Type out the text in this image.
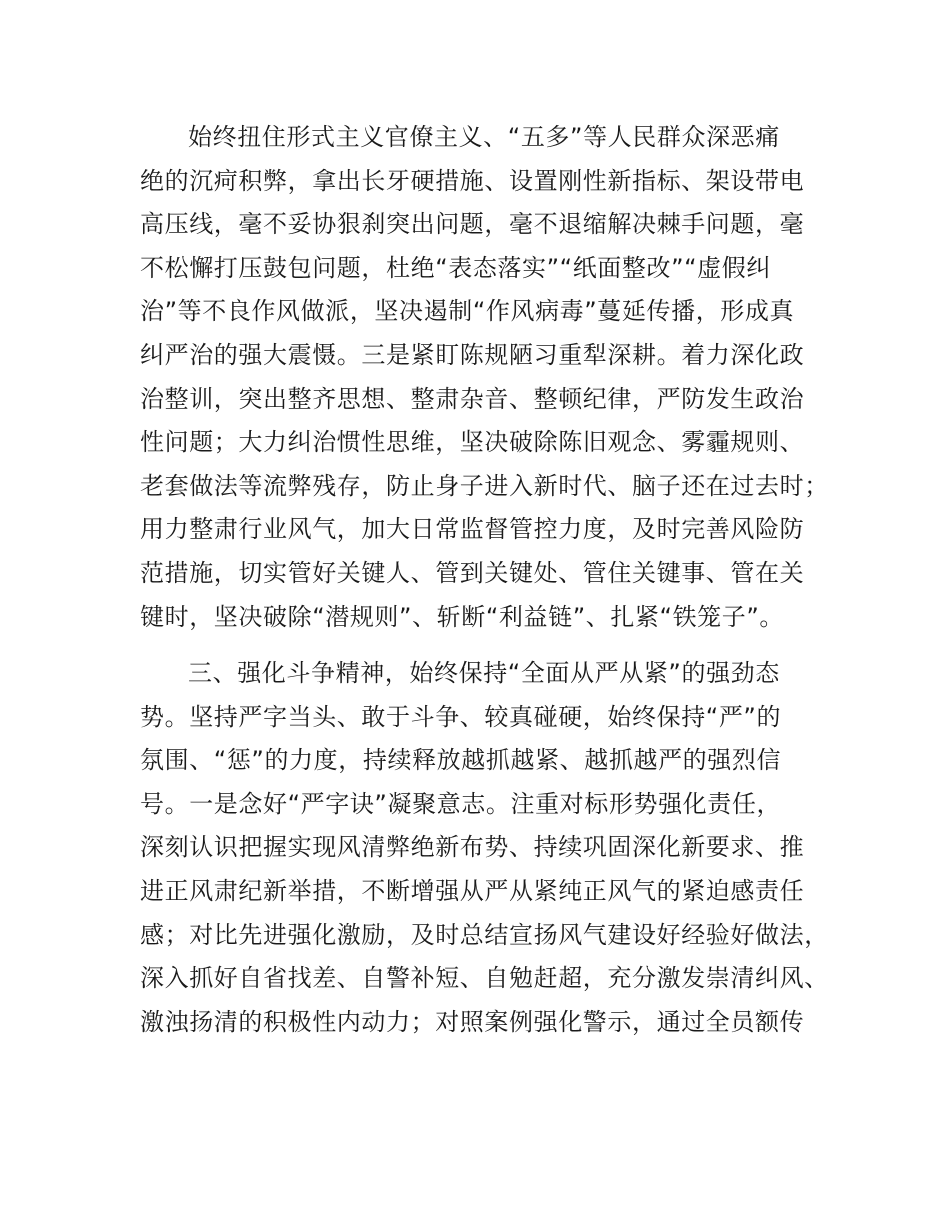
始终扭住形式主义官僚主义、“五多”等人民群众深恶痛
绝的沉疴积弊，拿出长牙硬措施、设置刚性新指标、架设带电
高压线，毫不妥协狠刹突出问题，毫不退缩解决棘手问题，毫
不松懈打压鼓包问题，杜绝“表态落实”“纸面整改”“虚假纠
治”等不良作风做派，坚决遏制“作风病毒”蔓延传播，形成真
纠严治的强大震慑。三是紧盯陈规陋习重犁深耕。着力深化政
治整训，突出整齐思想、整肃杂音、整顿纪律，严防发生政治
性问题；大力纠治惯性思维，坚决破除陈旧观念、雾霾规则、
老套做法等流弊残存，防止身子进入新时代、脑子还在过去时；
用力整肃行业风气，加大日常监督管控力度，及时完善风险防
范措施，切实管好关键人、管到关键处、管住关键事、管在关
键时，坚决破除“潜规则”、斩断“利益链”、扎紧“铁笼子”。
三、强化斗争精神，始终保持“全面从严从紧”的强劲态
势。坚持严字当头、敢于斗争、较真碰硬，始终保持“严”的
氛围、“惩”的力度，持续释放越抓越紧、越抓越严的强烈信
号。一是念好“严字诀”凝聚意志。注重对标形势强化责任，
深刻认识把握实现风清弊绝新布势、持续巩固深化新要求、推
进正风肃纪新举措，不断增强从严从紧纯正风气的紧迫感责任
感；对比先进强化激励，及时总结宣扬风气建设好经验好做法，
深入抓好自省找差、自警补短、自勉赶超，充分激发崇清纠风、
激浊扬清的积极性内动力；对照案例强化警示，通过全员额传
